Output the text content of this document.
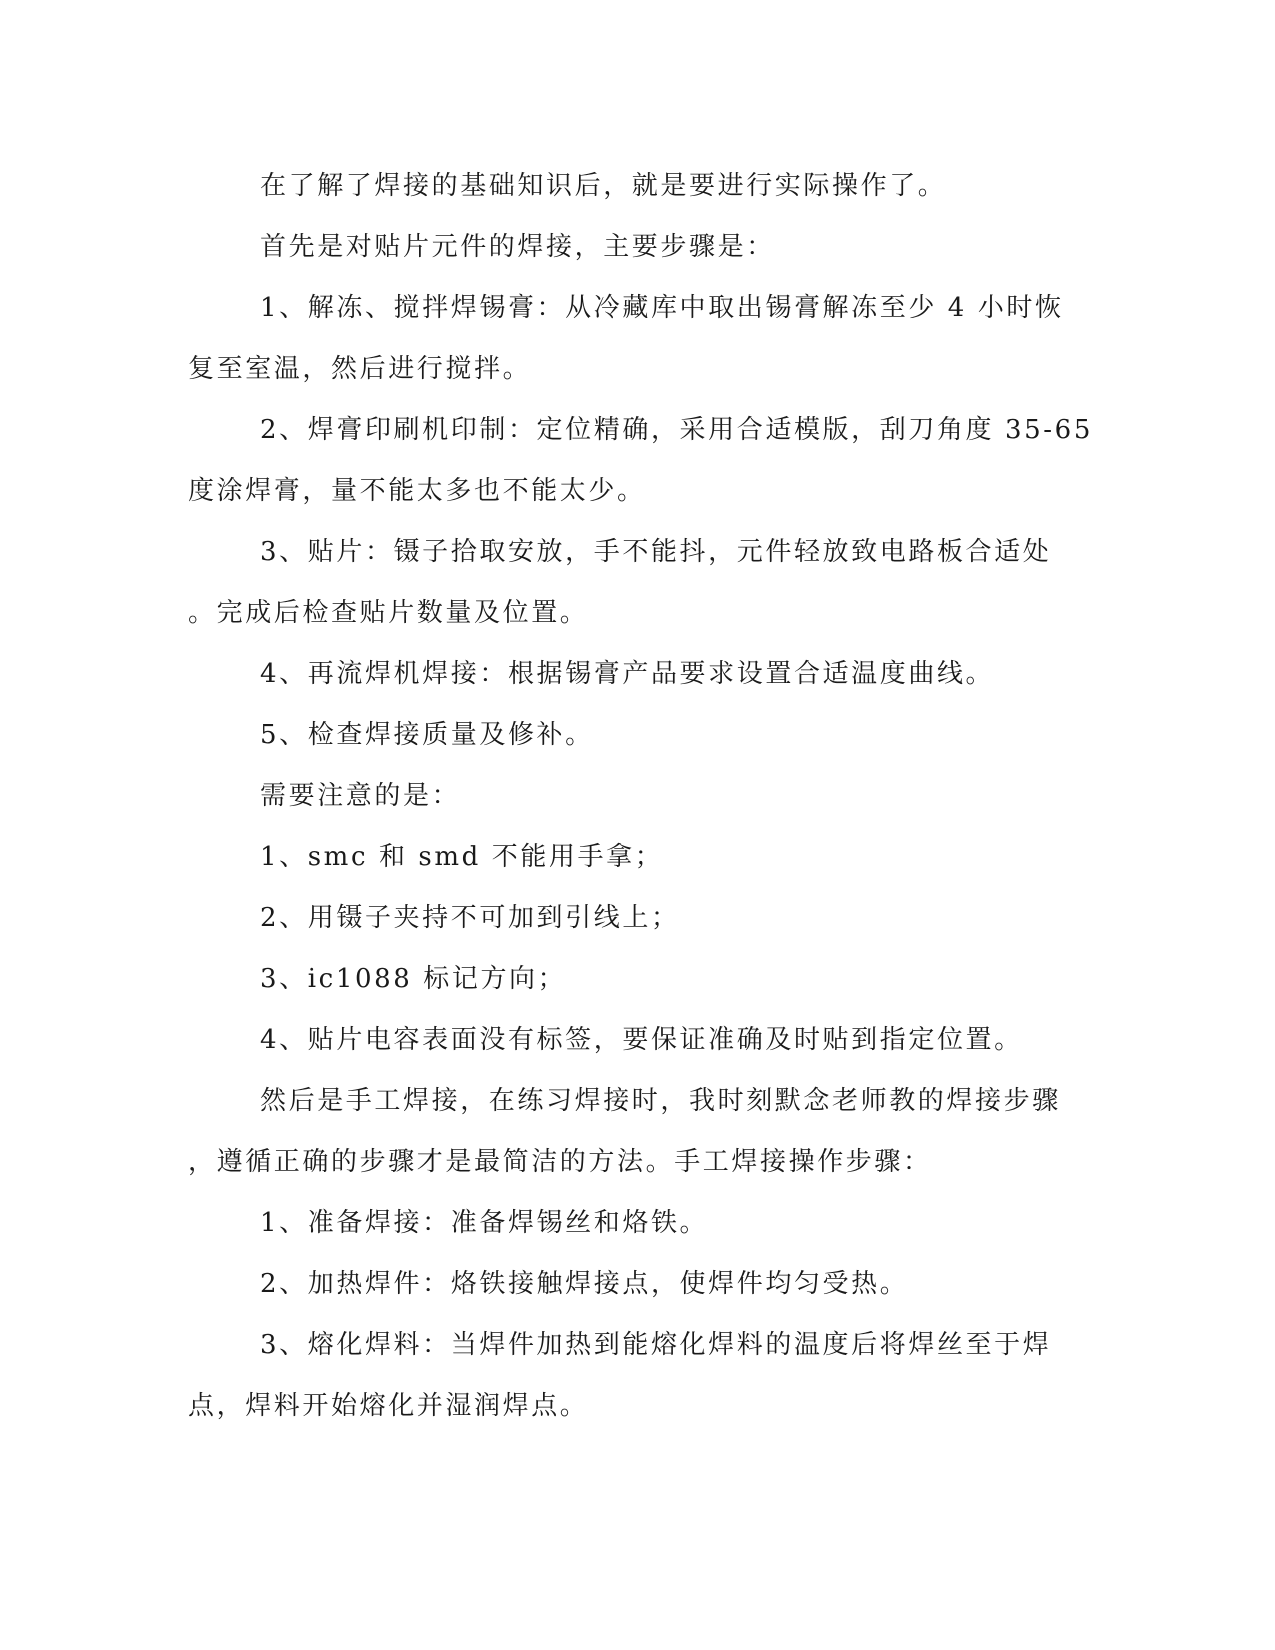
在了解了焊接的基础知识后，就是要进行实际操作了。
首先是对贴片元件的焊接，主要步骤是：
1、解冻、搅拌焊锡膏：从冷藏库中取出锡膏解冻至少 4 小时恢
复至室温，然后进行搅拌。
2、焊膏印刷机印制：定位精确，采用合适模版，刮刀角度 35-65
度涂焊膏，量不能太多也不能太少。
3、贴片：镊子拾取安放，手不能抖，元件轻放致电路板合适处
。完成后检查贴片数量及位置。
4、再流焊机焊接：根据锡膏产品要求设置合适温度曲线。
5、检查焊接质量及修补。
需要注意的是：
1、smc 和 smd 不能用手拿；
2、用镊子夹持不可加到引线上；
3、ic1088 标记方向；
4、贴片电容表面没有标签，要保证准确及时贴到指定位置。
然后是手工焊接，在练习焊接时，我时刻默念老师教的焊接步骤
，遵循正确的步骤才是最简洁的方法。手工焊接操作步骤：
1、准备焊接：准备焊锡丝和烙铁。
2、加热焊件：烙铁接触焊接点，使焊件均匀受热。
3、熔化焊料：当焊件加热到能熔化焊料的温度后将焊丝至于焊
点，焊料开始熔化并湿润焊点。
